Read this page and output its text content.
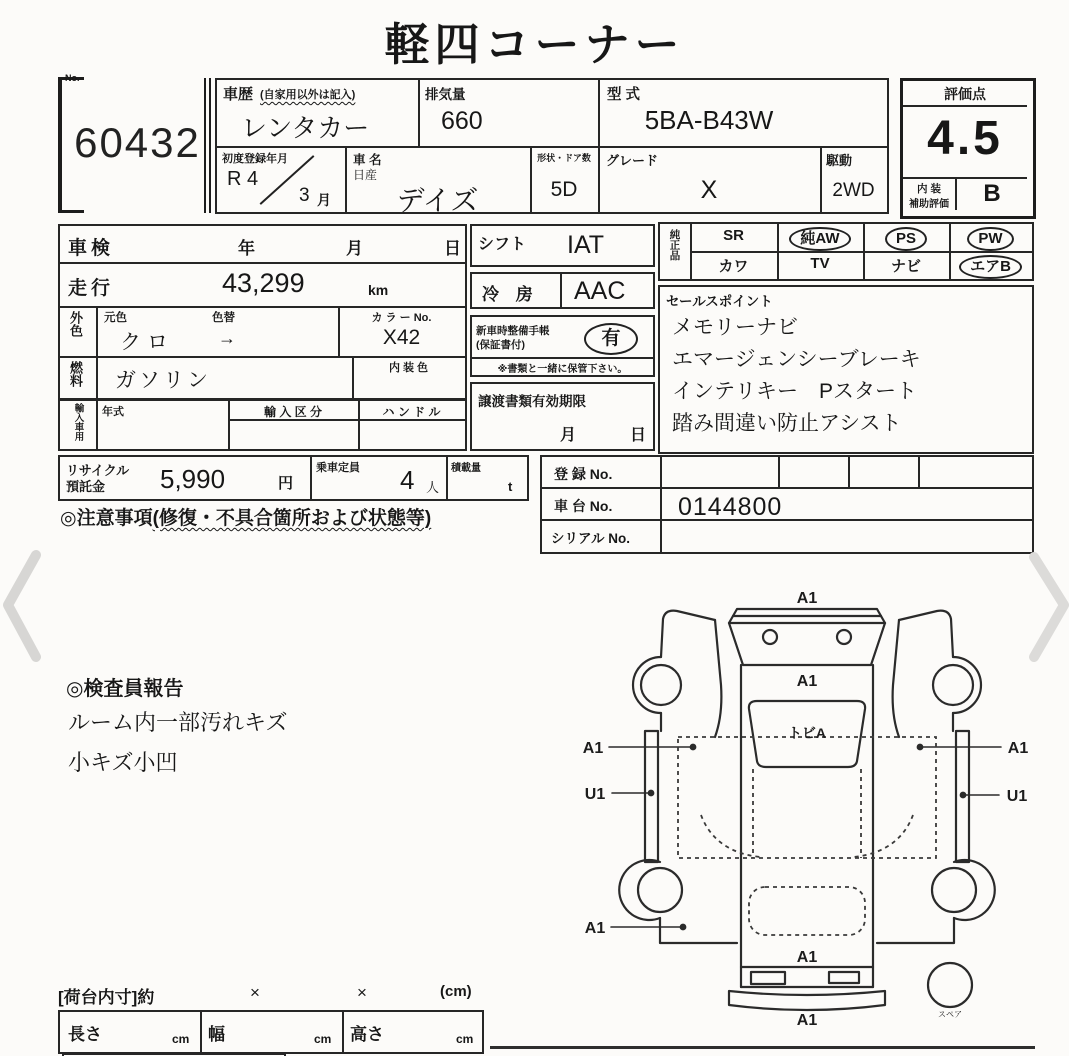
軽四コーナー
No.
60432
車歴 (自家用以外は記入)
レンタカー
排気量
660
型 式
5BA-B43W
初度登録年月
R 4
3 月
車 名
日産
デイズ
形状・ドア数
5D
グレード
X
駆動
2WD
評価点
4.5
内 装
補助評価	B
車検	年	月	日
走行	43,299	km
外色 元色	色替
クロ →
カ ラ ー No.
X42
燃料 ガソリン
内 装 色
輸入車用 年式	輸 入 区 分	ハ ン ド ル
リサイクル
預託金 5,990	円
乗車定員 4 人
積載量
t
◎注意事項(修復・不具合箇所および状態等)
シフト IAT
冷 房 AAC
新車時整備手帳
(保証書付)	有
※書類と一緒に保管下さい。
譲渡書類有効期限
月	日
純正品	SR	純AW	PS	PW
カワ	TV	ナビ	エアB
セールスポイント
メモリーナビ
エマージェンシーブレーキ
インテリキー　Pスタート
踏み間違い防止アシスト
登 録 No.
車 台 No.	0144800
シリアル No.
◎検査員報告
ルーム内一部汚れキズ
小キズ小凹
A1
A1
トビA
A1
U1
A1
U1
A1
A1
A1	スペア
[荷台内寸]約	×	×	(cm)
長さ	cm 幅	cm 高さ	cm
